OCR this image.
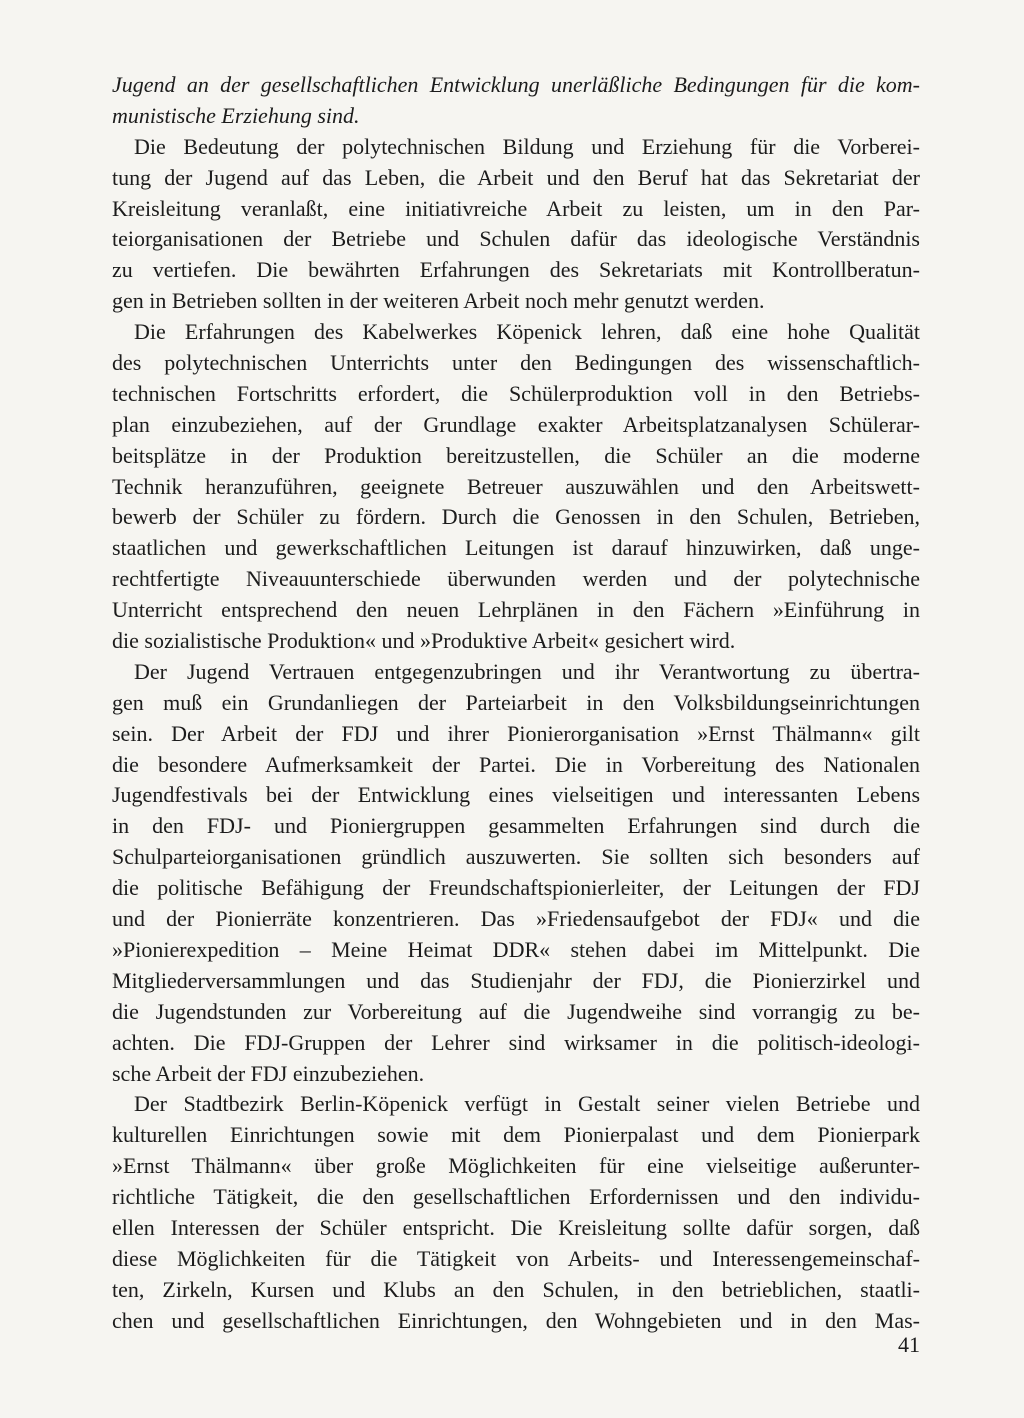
Jugend an der gesellschaftlichen Entwicklung unerläßliche Bedingungen für die kom-
munistische Erziehung sind.
Die Bedeutung der polytechnischen Bildung und Erziehung für die Vorberei-
tung der Jugend auf das Leben, die Arbeit und den Beruf hat das Sekretariat der
Kreisleitung veranlaßt, eine initiativreiche Arbeit zu leisten, um in den Par-
teiorganisationen der Betriebe und Schulen dafür das ideologische Verständnis
zu vertiefen. Die bewährten Erfahrungen des Sekretariats mit Kontrollberatun-
gen in Betrieben sollten in der weiteren Arbeit noch mehr genutzt werden.
Die Erfahrungen des Kabelwerkes Köpenick lehren, daß eine hohe Qualität
des polytechnischen Unterrichts unter den Bedingungen des wissenschaftlich-
technischen Fortschritts erfordert, die Schülerproduktion voll in den Betriebs-
plan einzubeziehen, auf der Grundlage exakter Arbeitsplatzanalysen Schülerar-
beitsplätze in der Produktion bereitzustellen, die Schüler an die moderne
Technik heranzuführen, geeignete Betreuer auszuwählen und den Arbeitswett-
bewerb der Schüler zu fördern. Durch die Genossen in den Schulen, Betrieben,
staatlichen und gewerkschaftlichen Leitungen ist darauf hinzuwirken, daß unge-
rechtfertigte Niveauunterschiede überwunden werden und der polytechnische
Unterricht entsprechend den neuen Lehrplänen in den Fächern »Einführung in
die sozialistische Produktion« und »Produktive Arbeit« gesichert wird.
Der Jugend Vertrauen entgegenzubringen und ihr Verantwortung zu übertra-
gen muß ein Grundanliegen der Parteiarbeit in den Volksbildungseinrichtungen
sein. Der Arbeit der FDJ und ihrer Pionierorganisation »Ernst Thälmann« gilt
die besondere Aufmerksamkeit der Partei. Die in Vorbereitung des Nationalen
Jugendfestivals bei der Entwicklung eines vielseitigen und interessanten Lebens
in den FDJ- und Pioniergruppen gesammelten Erfahrungen sind durch die
Schulparteiorganisationen gründlich auszuwerten. Sie sollten sich besonders auf
die politische Befähigung der Freundschaftspionierleiter, der Leitungen der FDJ
und der Pionierräte konzentrieren. Das »Friedensaufgebot der FDJ« und die
»Pionierexpedition – Meine Heimat DDR« stehen dabei im Mittelpunkt. Die
Mitgliederversammlungen und das Studienjahr der FDJ, die Pionierzirkel und
die Jugendstunden zur Vorbereitung auf die Jugendweihe sind vorrangig zu be-
achten. Die FDJ-Gruppen der Lehrer sind wirksamer in die politisch-ideologi-
sche Arbeit der FDJ einzubeziehen.
Der Stadtbezirk Berlin-Köpenick verfügt in Gestalt seiner vielen Betriebe und
kulturellen Einrichtungen sowie mit dem Pionierpalast und dem Pionierpark
»Ernst Thälmann« über große Möglichkeiten für eine vielseitige außerunter-
richtliche Tätigkeit, die den gesellschaftlichen Erfordernissen und den individu-
ellen Interessen der Schüler entspricht. Die Kreisleitung sollte dafür sorgen, daß
diese Möglichkeiten für die Tätigkeit von Arbeits- und Interessengemeinschaf-
ten, Zirkeln, Kursen und Klubs an den Schulen, in den betrieblichen, staatli-
chen und gesellschaftlichen Einrichtungen, den Wohngebieten und in den Mas-
41
